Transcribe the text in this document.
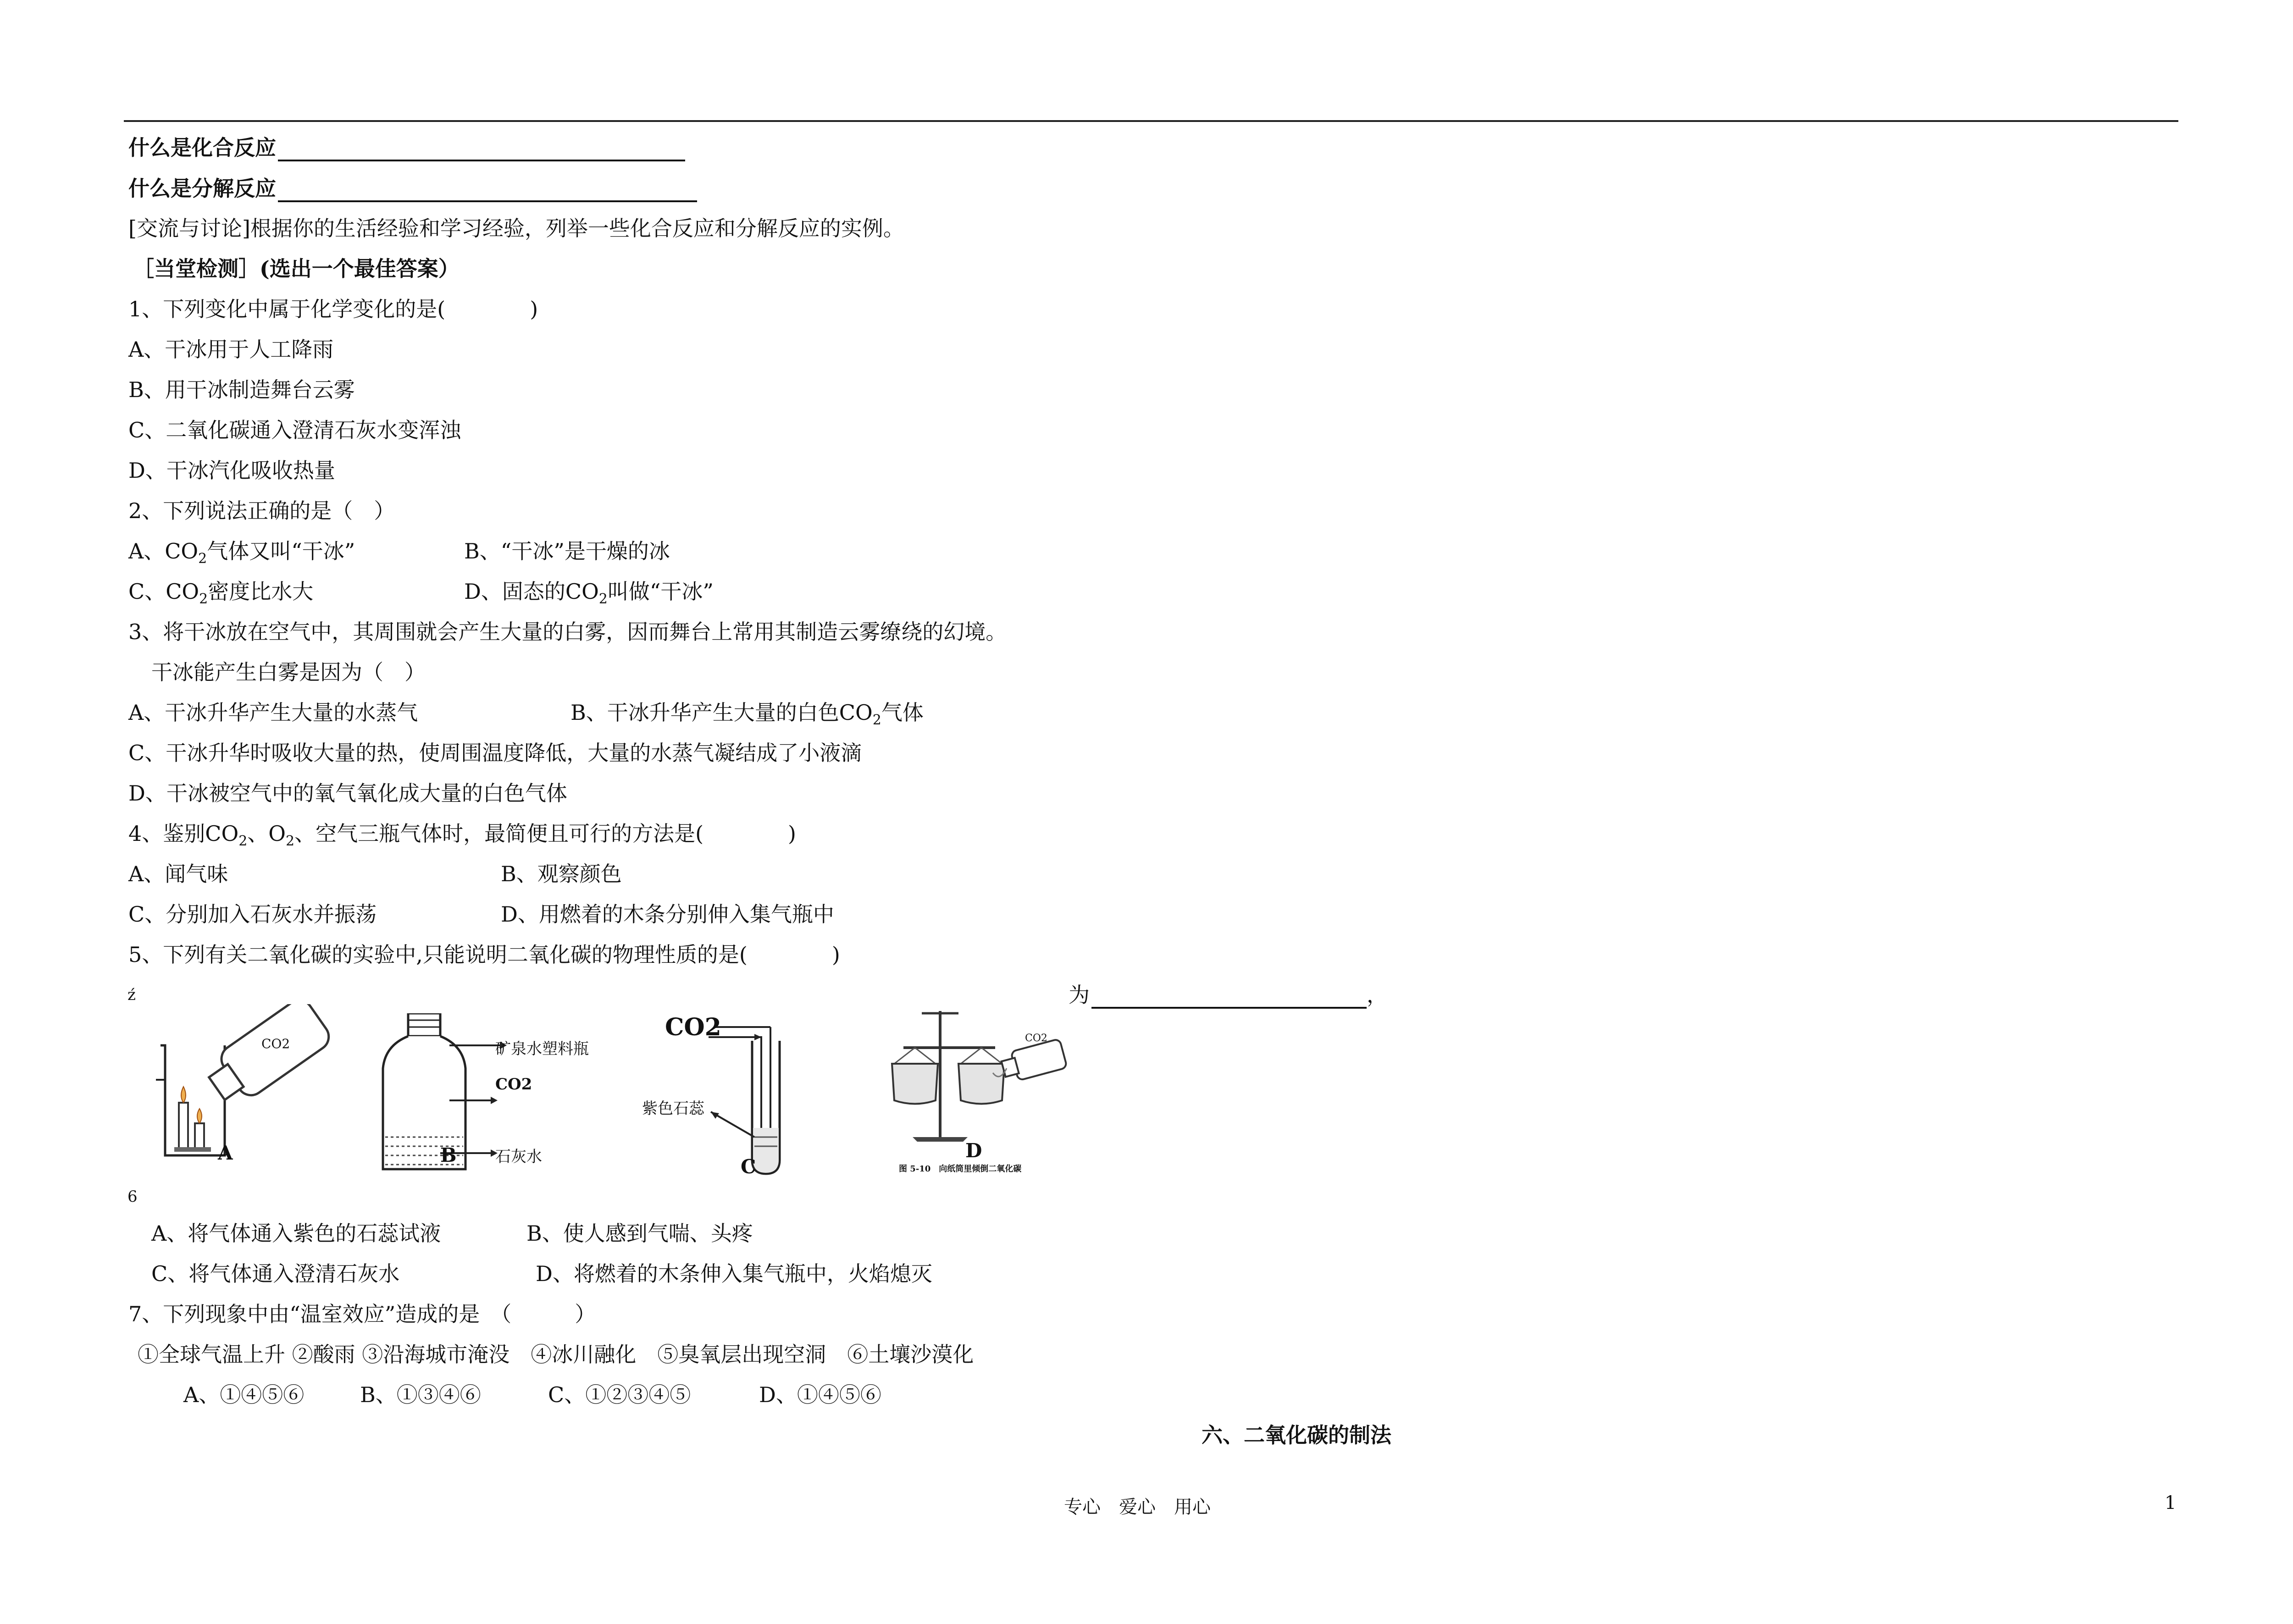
什么是化合反应
什么是分解反应
[交流与讨论]根据你的生活经验和学习经验，列举一些化合反应和分解反应的实例。
［当堂检测］(选出一个最佳答案）
1、下列变化中属于化学变化的是(　　　　)
A、干冰用于人工降雨
B、用干冰制造舞台云雾
C、二氧化碳通入澄清石灰水变浑浊
D、干冰汽化吸收热量
2、下列说法正确的是（　）
A、$CO_2$气体又叫“干冰”	B、“干冰”是干燥的冰
C、$CO_2$密度比水大	D、固态的$CO_2$叫做“干冰”
3、将干冰放在空气中，其周围就会产生大量的白雾，因而舞台上常用其制造云雾缭绕的幻境。
干冰能产生白雾是因为（　）
A、干冰升华产生大量的水蒸气	B、干冰升华产生大量的白色$CO_2$气体
C、干冰升华时吸收大量的热，使周围温度降低，大量的水蒸气凝结成了小液滴
D、干冰被空气中的氧气氧化成大量的白色气体
4、鉴别$CO_2$、$O_2$、空气三瓶气体时，最简便且可行的方法是(　　　　)
A、闻气味	B、观察颜色
C、分别加入石灰水并振荡	D、用燃着的木条分别伸入集气瓶中
5、下列有关二氧化碳的实验中,只能说明二氧化碳的物理性质的是(　　　　)
ź	为	，
CO2
A
矿泉水塑料瓶
CO2
石灰水
B
CO2
紫色石蕊
C
CO2
D
图 5-10　向纸筒里倾倒二氧化碳
6
A、将气体通入紫色的石蕊试液	B、使人感到气喘、头疼
C、将气体通入澄清石灰水	D、将燃着的木条伸入集气瓶中，火焰熄灭
7、下列现象中由“温室效应”造成的是　（　　　）
①全球气温上升 ②酸雨 ③沿海城市淹没　④冰川融化　⑤臭氧层出现空洞　⑥土壤沙漠化
A、①④⑤⑥	B、①③④⑥	C、①②③④⑤	D、①④⑤⑥
六、二氧化碳的制法
专心　爱心　用心	1
